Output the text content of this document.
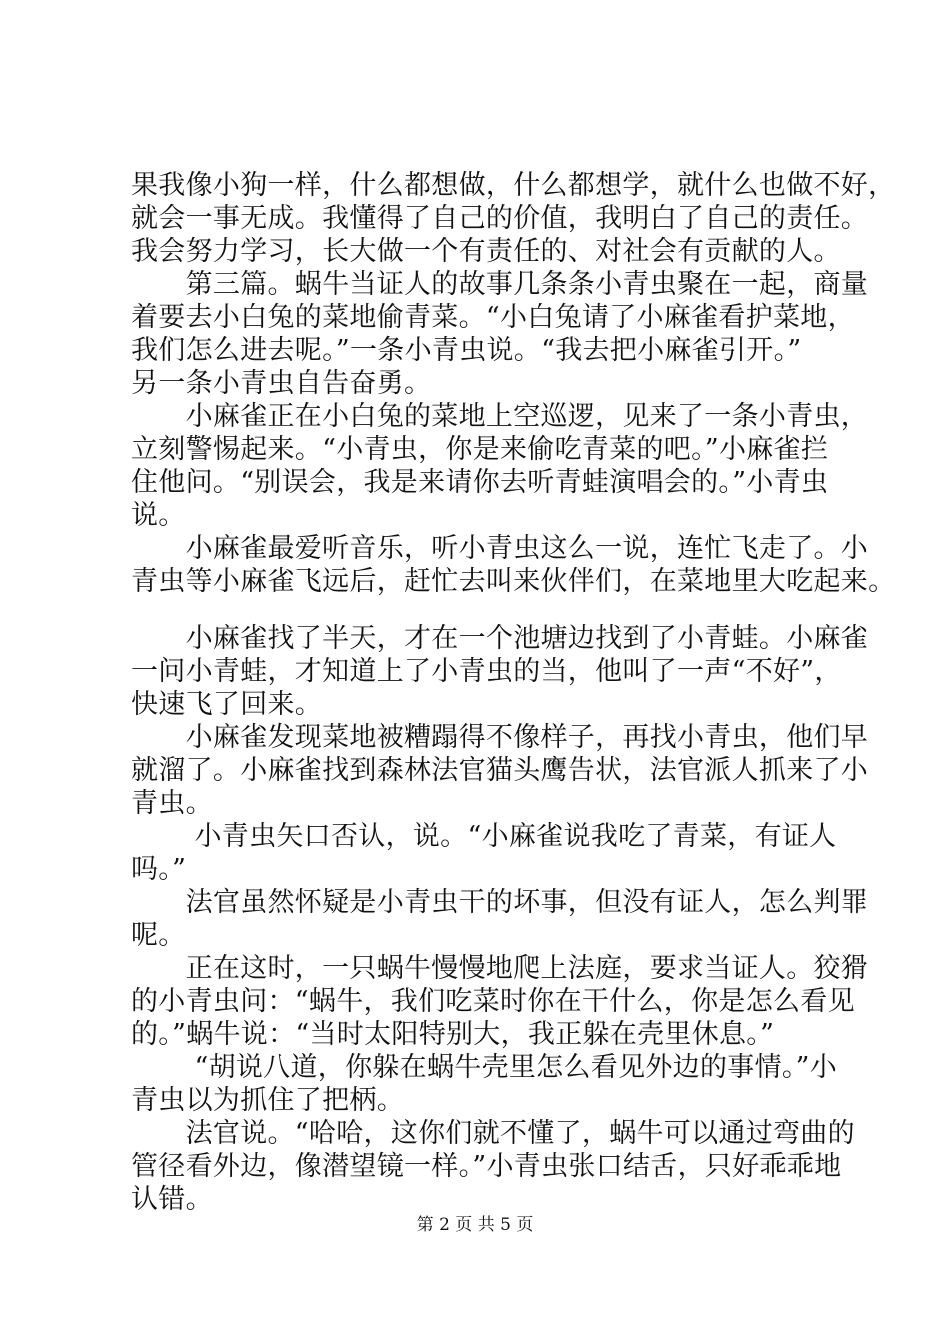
果我像小狗一样，什么都想做，什么都想学，就什么也做不好，
就会一事无成。我懂得了自己的价值，我明白了自己的责任。
我会努力学习，长大做一个有责任的、对社会有贡献的人。
　　第三篇。蜗牛当证人的故事几条条小青虫聚在一起，商量
着要去小白兔的菜地偷青菜。“小白兔请了小麻雀看护菜地，
我们怎么进去呢。”一条小青虫说。“我去把小麻雀引开。”
另一条小青虫自告奋勇。
　　小麻雀正在小白兔的菜地上空巡逻，见来了一条小青虫，
立刻警惕起来。“小青虫，你是来偷吃青菜的吧。”小麻雀拦
住他问。“别误会，我是来请你去听青蛙演唱会的。”小青虫
说。
　　小麻雀最爱听音乐，听小青虫这么一说，连忙飞走了。小
青虫等小麻雀飞远后，赶忙去叫来伙伴们，在菜地里大吃起来。
　　小麻雀找了半天，才在一个池塘边找到了小青蛙。小麻雀
一问小青蛙，才知道上了小青虫的当，他叫了一声“不好”，
快速飞了回来。
　　小麻雀发现菜地被糟蹋得不像样子，再找小青虫，他们早
就溜了。小麻雀找到森林法官猫头鹰告状，法官派人抓来了小
青虫。
　　 小青虫矢口否认，说。“小麻雀说我吃了青菜，有证人
吗。”
　　法官虽然怀疑是小青虫干的坏事，但没有证人，怎么判罪
呢。
　　正在这时，一只蜗牛慢慢地爬上法庭，要求当证人。狡猾
的小青虫问：“蜗牛，我们吃菜时你在干什么，你是怎么看见
的。”蜗牛说：“当时太阳特别大，我正躲在壳里休息。”
　　 “胡说八道，你躲在蜗牛壳里怎么看见外边的事情。”小
青虫以为抓住了把柄。
　　法官说。“哈哈，这你们就不懂了，蜗牛可以通过弯曲的
管径看外边，像潜望镜一样。”小青虫张口结舌，只好乖乖地
认错。
第 2 页 共 5 页
